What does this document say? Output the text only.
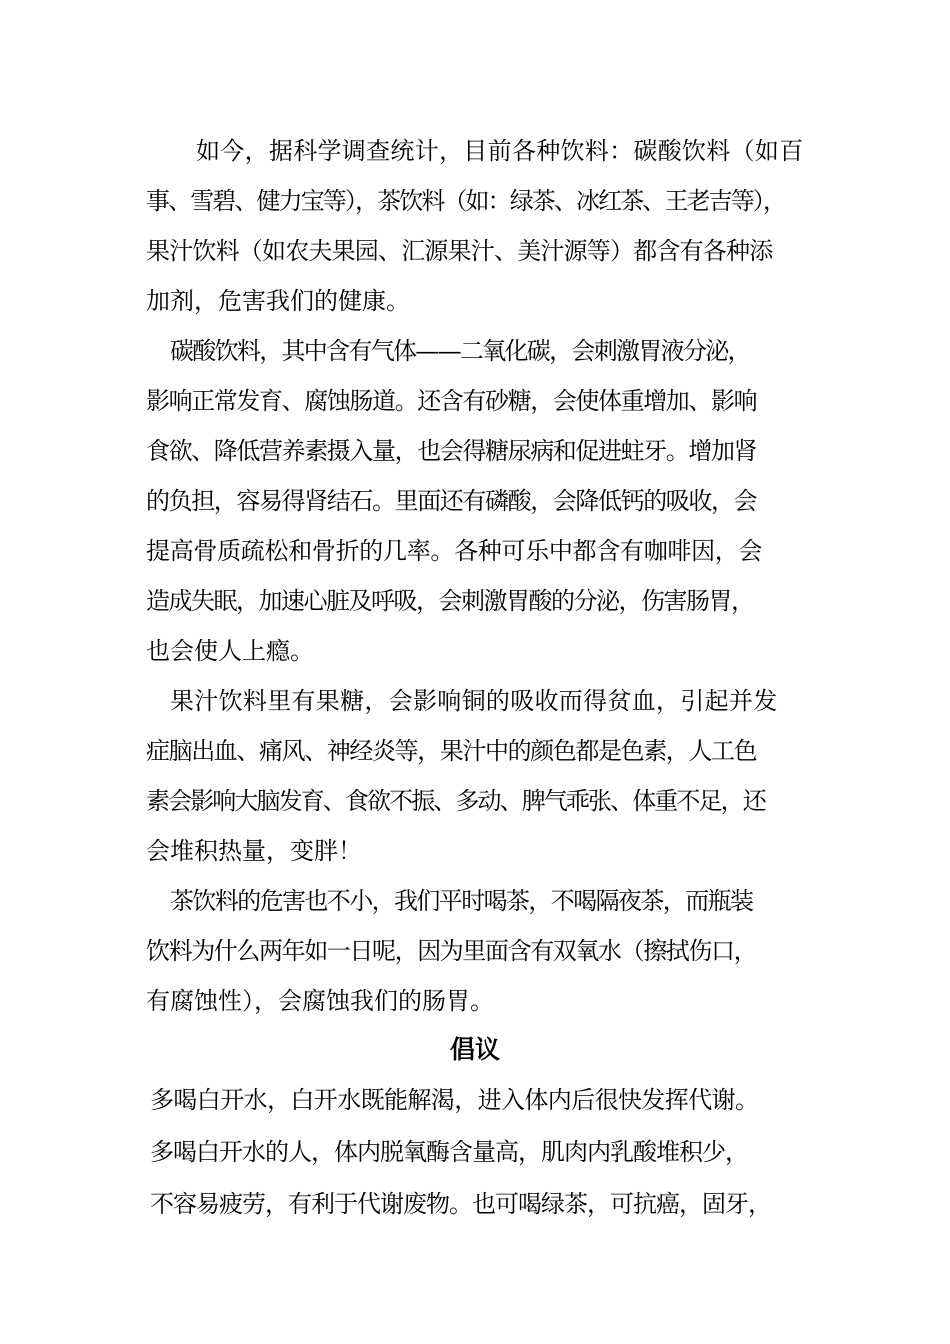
如今，据科学调查统计，目前各种饮料：碳酸饮料（如百
事、雪碧、健力宝等），茶饮料（如：绿茶、冰红茶、王老吉等），
果汁饮料（如农夫果园、汇源果汁、美汁源等）都含有各种添
加剂，危害我们的健康。
碳酸饮料，其中含有气体——二氧化碳，会刺激胃液分泌，
影响正常发育、腐蚀肠道。还含有砂糖，会使体重增加、影响
食欲、降低营养素摄入量，也会得糖尿病和促进蛀牙。增加肾
的负担，容易得肾结石。里面还有磷酸，会降低钙的吸收，会
提高骨质疏松和骨折的几率。各种可乐中都含有咖啡因，会
造成失眠，加速心脏及呼吸，会刺激胃酸的分泌，伤害肠胃，
也会使人上瘾。
果汁饮料里有果糖，会影响铜的吸收而得贫血，引起并发
症脑出血、痛风、神经炎等，果汁中的颜色都是色素，人工色
素会影响大脑发育、食欲不振、多动、脾气乖张、体重不足，还
会堆积热量，变胖！
茶饮料的危害也不小，我们平时喝茶，不喝隔夜茶，而瓶装
饮料为什么两年如一日呢，因为里面含有双氧水（擦拭伤口，
有腐蚀性），会腐蚀我们的肠胃。
倡议
多喝白开水，白开水既能解渴，进入体内后很快发挥代谢。
多喝白开水的人，体内脱氧酶含量高，肌肉内乳酸堆积少，
不容易疲劳，有利于代谢废物。也可喝绿茶，可抗癌，固牙，
